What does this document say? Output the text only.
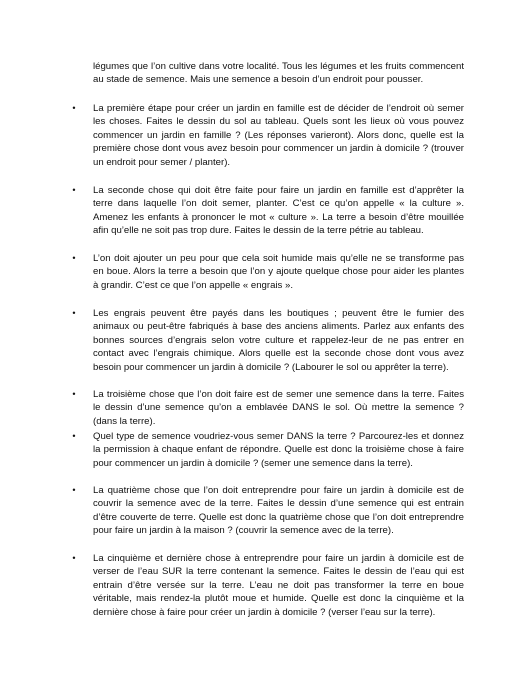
légumes que l’on cultive dans votre localité. Tous les légumes et les fruits commencent au stade de semence. Mais une semence a besoin d’un endroit pour pousser.

• La première étape pour créer un jardin en famille est de décider de l’endroit où semer les choses. Faites le dessin du sol au tableau. Quels sont les lieux où vous pouvez commencer un jardin en famille ? (Les réponses varieront). Alors donc, quelle est la première chose dont vous avez besoin pour commencer un jardin à domicile ? (trouver un endroit pour semer / planter).
• La seconde chose qui doit être faite pour faire un jardin en famille est d’apprêter la terre dans laquelle l’on doit semer, planter. C’est ce qu’on appelle « la culture ». Amenez les enfants à prononcer le mot « culture ». La terre a besoin d’être mouillée afin qu’elle ne soit pas trop dure. Faites le dessin de la terre pétrie au tableau.
• L’on doit ajouter un peu pour que cela soit humide mais qu’elle ne se transforme pas en boue. Alors la terre a besoin que l’on y ajoute quelque chose pour aider les plantes à grandir. C’est ce que l’on appelle « engrais ».
• Les engrais peuvent être payés dans les boutiques ; peuvent être le fumier des animaux ou peut-être fabriqués à base des anciens aliments. Parlez aux enfants des bonnes sources d’engrais selon votre culture et rappelez-leur de ne pas entrer en contact avec l’engrais chimique. Alors quelle est la seconde chose dont vous avez besoin pour commencer un jardin à domicile ? (Labourer le sol ou apprêter la terre).
• La troisième chose que l’on doit faire est de semer une semence dans la terre. Faites le dessin d’une semence qu’on a emblavée DANS le sol. Où mettre la semence ? (dans la terre).
• Quel type de semence voudriez-vous semer DANS la terre ? Parcourez-les et donnez la permission à chaque enfant de répondre. Quelle est donc la troisième chose à faire pour commencer un jardin à domicile ? (semer une semence dans la terre).
• La quatrième chose que l’on doit entreprendre pour faire un jardin à domicile est de couvrir la semence avec de la terre. Faites le dessin d’une semence qui est entrain d’être couverte de terre. Quelle est donc la quatrième chose que l’on doit entreprendre pour faire un jardin à la maison ? (couvrir la semence avec de la terre).
• La cinquième et dernière chose à entreprendre pour faire un jardin à domicile est de verser de l’eau SUR la terre contenant la semence. Faites le dessin de l’eau qui est entrain d’être versée sur la terre. L’eau ne doit pas transformer la terre en boue véritable, mais rendez-la plutôt moue et humide. Quelle est donc la cinquième et la dernière chose à faire pour créer un jardin à domicile ? (verser l’eau sur la terre).
